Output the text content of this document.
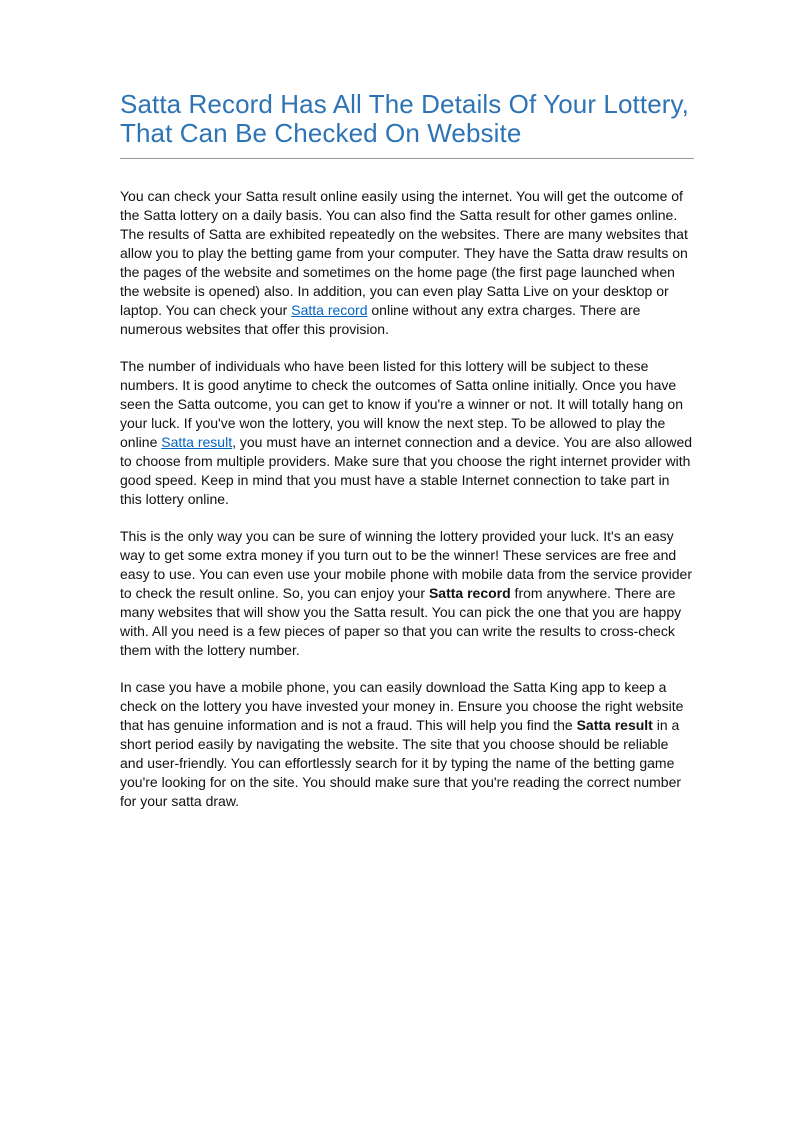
Satta Record Has All The Details Of Your Lottery, That Can Be Checked On Website

You can check your Satta result online easily using the internet. You will get the outcome of the Satta lottery on a daily basis. You can also find the Satta result for other games online. The results of Satta are exhibited repeatedly on the websites. There are many websites that allow you to play the betting game from your computer. They have the Satta draw results on the pages of the website and sometimes on the home page (the first page launched when the website is opened) also. In addition, you can even play Satta Live on your desktop or laptop. You can check your Satta record online without any extra charges. There are numerous websites that offer this provision.

The number of individuals who have been listed for this lottery will be subject to these numbers. It is good anytime to check the outcomes of Satta online initially. Once you have seen the Satta outcome, you can get to know if you're a winner or not. It will totally hang on your luck. If you've won the lottery, you will know the next step. To be allowed to play the online Satta result, you must have an internet connection and a device. You are also allowed to choose from multiple providers. Make sure that you choose the right internet provider with good speed. Keep in mind that you must have a stable Internet connection to take part in this lottery online.

This is the only way you can be sure of winning the lottery provided your luck. It's an easy way to get some extra money if you turn out to be the winner! These services are free and easy to use. You can even use your mobile phone with mobile data from the service provider to check the result online. So, you can enjoy your Satta record from anywhere. There are many websites that will show you the Satta result. You can pick the one that you are happy with. All you need is a few pieces of paper so that you can write the results to cross-check them with the lottery number.

In case you have a mobile phone, you can easily download the Satta King app to keep a check on the lottery you have invested your money in. Ensure you choose the right website that has genuine information and is not a fraud. This will help you find the Satta result in a short period easily by navigating the website. The site that you choose should be reliable and user-friendly. You can effortlessly search for it by typing the name of the betting game you're looking for on the site. You should make sure that you're reading the correct number for your satta draw.
